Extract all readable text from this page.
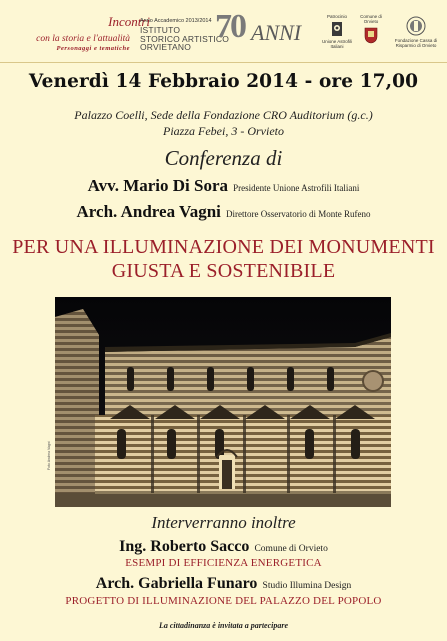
Incontri
con la storia e l'attualità
Personaggi e tematiche
Anno Accademico 2013/2014
ISTITUTO
STORICO ARTISTICO
ORVIETANO
70 ANNI
Patrocinio
Unione Astrofili
Italiani
Comune di
Orvieto
Fondazione Cassa di
Risparmio di Orvieto
Venerdì 14 Febbraio 2014 - ore 17,00
Palazzo Coelli, Sede della Fondazione CRO Auditorium (g.c.)
Piazza Febei, 3 - Orvieto
Conferenza di
Avv. Mario Di Sora Presidente Unione Astrofili Italiani
Arch. Andrea Vagni Direttore Osservatorio di Monte Rufeno
PER UNA ILLUMINAZIONE DEI MONUMENTI
GIUSTA E SOSTENIBILE
Foto Andrea Vagni
Interverranno inoltre
Ing. Roberto Sacco Comune di Orvieto
ESEMPI DI EFFICIENZA ENERGETICA
Arch. Gabriella Funaro Studio Illumina Design
PROGETTO DI ILLUMINAZIONE DEL PALAZZO DEL POPOLO
La cittadinanza è invitata a partecipare
